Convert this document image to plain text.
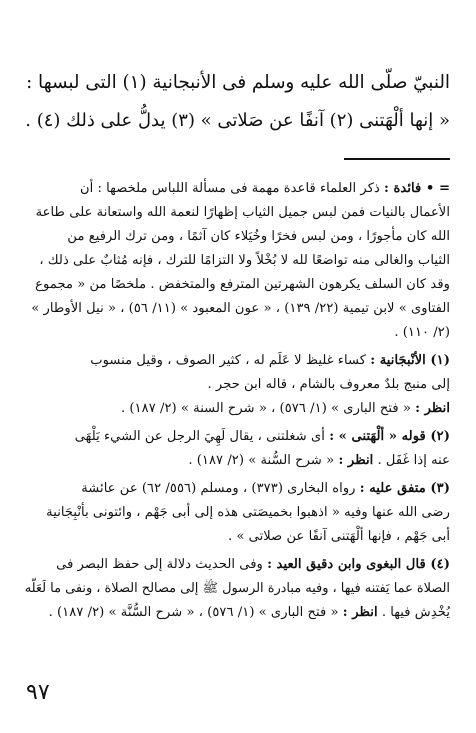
النبيّ صلّى الله عليه وسلم فى الأنبجانية (١) التى لبسها :
« إنها ألْهَتنى (٢) آنفًا عن صَلاتى » (٣) يدلُّ على ذلك (٤) .
= • فائدة : ذكر العلماء قاعدة مهمة فى مسألة اللباس ملخصها : أن
الأعمال بالنيات فمن لبس جميل الثياب إظهارًا لنعمة الله واستعانة على طاعة
الله كان مأجورًا ، ومن لبس فخرًا وخُيَلاء كان آثمًا ، ومن ترك الرفيع من
الثياب والغالى منه تواضعًا لله لا بُخْلاً ولا التزامًا للترك ، فإنه مُثابٌ على ذلك ،
وقد كان السلف يكرهون الشهرتين المترفع والمتخفض . ملخصًا من « مجموع
الفتاوى » لابن تيمية (٢٢/ ١٣٩) ، « عون المعبود » (١١/ ٥٦) ، « نيل الأوطار »
(٢/ ١١٠) .
(١) الأنْبجَانية : كساء غليظ لا عَلَم له ، كثير الصوف ، وقيل منسوب
إلى منبج بلدٌ معروف بالشام ، قاله ابن حجر .
انظر : « فتح البارى » (١/ ٥٧٦) ، « شرح السنة » (٢/ ١٨٧) .
(٢) قوله « ألْهَتنى » : أى شغلتنى ، يقال لَهِيَ الرجل عن الشيء يَلْهَى
عنه إذا غَفَل . انظر : « شرح السُّنة » (٢/ ١٨٧) .
(٣) متفق عليه : رواه البخارى (٣٧٣) ، ومسلم (٥٥٦/ ٦٢) عن عائشة
رضى الله عنها وفيه « اذهبوا بخميصَتى هذه إلى أبى جَهْم ، وائتونى بأنْبِجَانية
أبى جَهْم ، فإنها ألْهَتنى آنفًا عن صلاتى » .
(٤) قال البغوى وابن دقيق العيد : وفى الحديث دلالة إلى حفظ البصر فى
الصلاة عما يَفتنه فيها ، وفيه مبادرة الرسول ﷺ إلى مصالح الصلاة ، ونفى ما لَعَلّه
يُخْدِش فيها . انظر : « فتح البارى » (١/ ٥٧٦) ، « شرح السُّنَّة » (٢/ ١٨٧) .
٩٧
